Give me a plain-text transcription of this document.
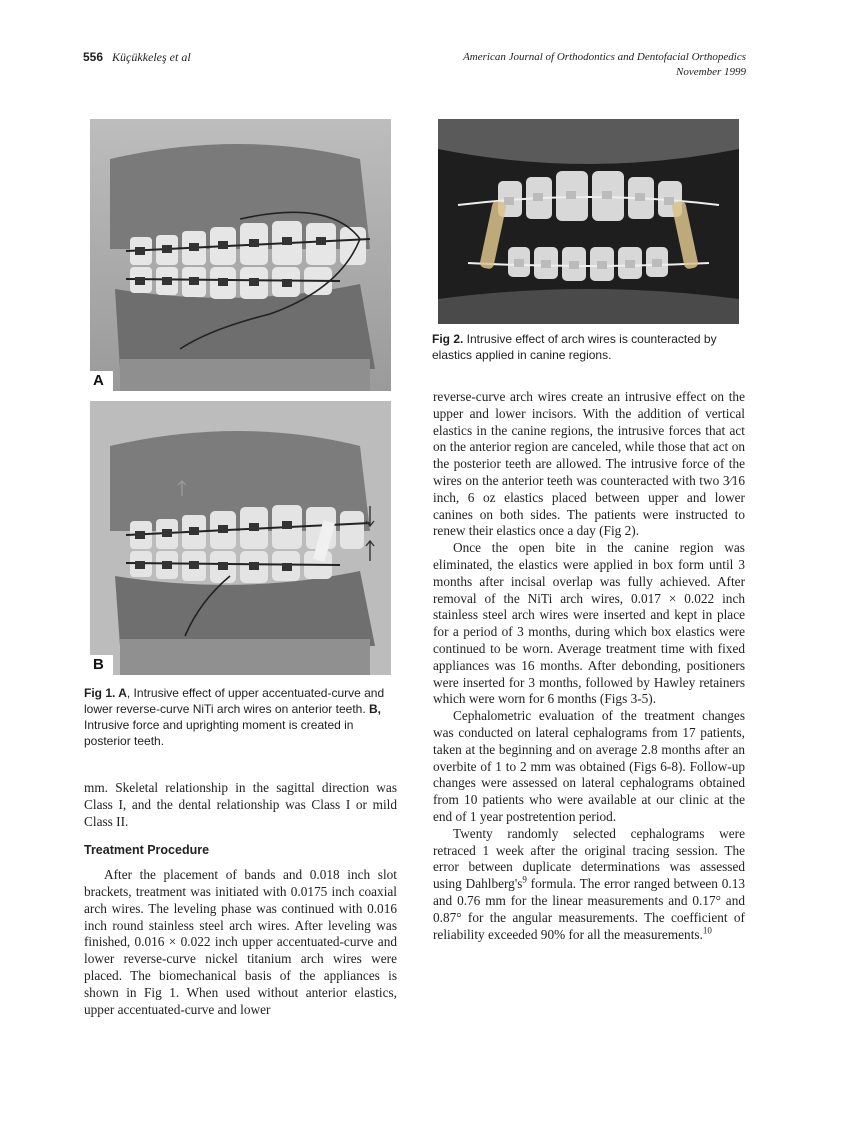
556 Küçükkeleş et al	American Journal of Orthodontics and Dentofacial Orthopedics
November 1999
A
B
Fig 1. A, Intrusive effect of upper accentuated-curve and lower reverse-curve NiTi arch wires on anterior teeth. B, Intrusive force and uprighting moment is created in posterior teeth.
Fig 2. Intrusive effect of arch wires is counteracted by elastics applied in canine regions.

mm. Skeletal relationship in the sagittal direction was Class I, and the dental relationship was Class I or mild Class II.

Treatment Procedure

After the placement of bands and 0.018 inch slot brackets, treatment was initiated with 0.0175 inch coaxial arch wires. The leveling phase was continued with 0.016 inch round stainless steel arch wires. After leveling was finished, 0.016 × 0.022 inch upper accentuated-curve and lower reverse-curve nickel titanium arch wires were placed. The biomechanical basis of the appliances is shown in Fig 1. When used without anterior elastics, upper accentuated-curve and lower

reverse-curve arch wires create an intrusive effect on the upper and lower incisors. With the addition of vertical elastics in the canine regions, the intrusive forces that act on the anterior region are canceled, while those that act on the posterior teeth are allowed. The intrusive force of the wires on the anterior teeth was counteracted with two 3⁄16 inch, 6 oz elastics placed between upper and lower canines on both sides. The patients were instructed to renew their elastics once a day (Fig 2).

Once the open bite in the canine region was eliminated, the elastics were applied in box form until 3 months after incisal overlap was fully achieved. After removal of the NiTi arch wires, 0.017 × 0.022 inch stainless steel arch wires were inserted and kept in place for a period of 3 months, during which box elastics were continued to be worn. Average treatment time with fixed appliances was 16 months. After debonding, positioners were inserted for 3 months, followed by Hawley retainers which were worn for 6 months (Figs 3-5).

Cephalometric evaluation of the treatment changes was conducted on lateral cephalograms from 17 patients, taken at the beginning and on average 2.8 months after an overbite of 1 to 2 mm was obtained (Figs 6-8). Follow-up changes were assessed on lateral cephalograms obtained from 10 patients who were available at our clinic at the end of 1 year postretention period.

Twenty randomly selected cephalograms were retraced 1 week after the original tracing session. The error between duplicate determinations was assessed using $Dahlberg's^9$ formula. The error ranged between 0.13 and 0.76 mm for the linear measurements and 0.17° and 0.87° for the angular measurements. The coefficient of reliability exceeded 90% for all the measurements.$^{10}$
